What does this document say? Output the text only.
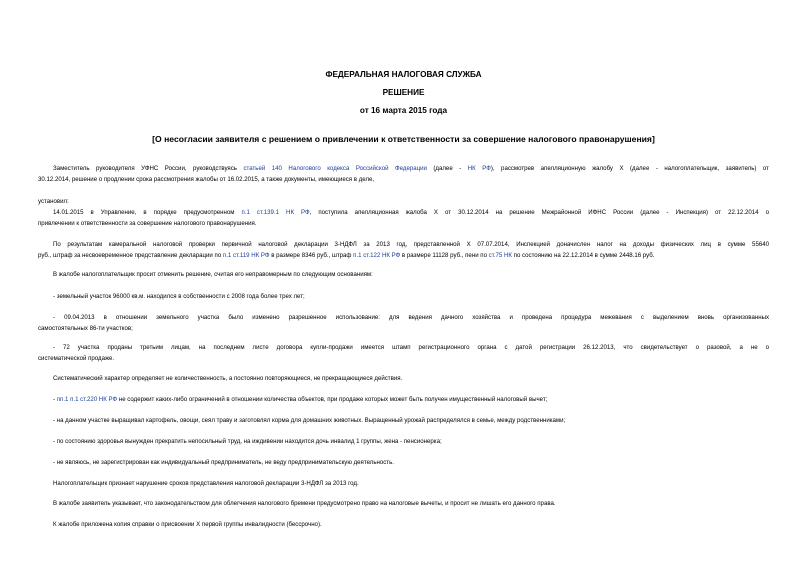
ФЕДЕРАЛЬНАЯ НАЛОГОВАЯ СЛУЖБА
РЕШЕНИЕ
от 16 марта 2015 года
[О несогласии заявителя с решением о привлечении к ответственности за совершение налогового правонарушения]
Заместитель руководителя УФНС России, руководствуясь статьей 140 Налогового кодекса Российской Федерации (далее - НК РФ), рассмотрев апелляционную жалобу Х (далее - налогоплательщик, заявитель) от
30.12.2014, решение о продлении срока рассмотрения жалобы от 16.02.2015, а также документы, имеющиеся в деле,
установил:
14.01.2015 в Управление, в порядке предусмотренном п.1 ст.139.1 НК РФ, поступила апелляционная жалоба Х от 30.12.2014 на решение Межрайонной ИФНС России (далее - Инспекция) от 22.12.2014 о
привлечении к ответственности за совершение налогового правонарушения.
По результатам камеральной налоговой проверки первичной налоговой декларации 3-НДФЛ за 2013 год, представленной Х 07.07.2014, Инспекцией доначислен налог на доходы физических лиц в сумме 55640
руб., штраф за несвоевременное представление декларации по п.1 ст.119 НК РФ в размере 8346 руб., штраф п.1 ст.122 НК РФ в размере 11128 руб., пени по ст.75 НК по состоянию на 22.12.2014 в сумме 2448.16 руб.
В жалобе налогоплательщик просит отменить решение, считая его неправомерным по следующим основаниям:
- земельный участок 96000 кв.м. находился в собственности с 2008 года более трех лет;
- 09.04.2013 в отношении земельного участка было изменено разрешенное использование: для ведения дачного хозяйства и проведена процедура межевания с выделением вновь организованных
самостоятельных 86-ти участков;
- 72 участка проданы третьим лицам, на последнем листе договора купли-продажи имеется штамп регистрационного органа с датой регистрации 26.12.2013, что свидетельствует о разовой, а не о
систематической продаже.
Систематический характер определяет не количественность, а постоянно повторяющиеся, не прекращающиеся действия.
- пп.1 п.1 ст.220 НК РФ не содержит каких-либо ограничений в отношении количества объектов, при продаже которых может быть получен имущественный налоговый вычет;
- на данном участке выращивал картофель, овощи, сеял траву и заготовлял корма для домашних животных. Выращенный урожай распределялся в семье, между родственниками;
- по состоянию здоровья вынужден прекратить непосильный труд, на иждивении находится дочь инвалид 1 группы, жена - пенсионерка;
- не являюсь, не зарегистрирован как индивидуальный предприниматель, не веду предпринимательскую деятельность.
Налогоплательщик признает нарушение сроков представления налоговой декларации 3-НДФЛ за 2013 год.
В жалобе заявитель указывает, что законодательством для облегчения налогового бремени предусмотрено право на налоговые вычеты, и просит не лишать его данного права.
К жалобе приложена копия справки о присвоении Х первой группы инвалидности (бессрочно).
